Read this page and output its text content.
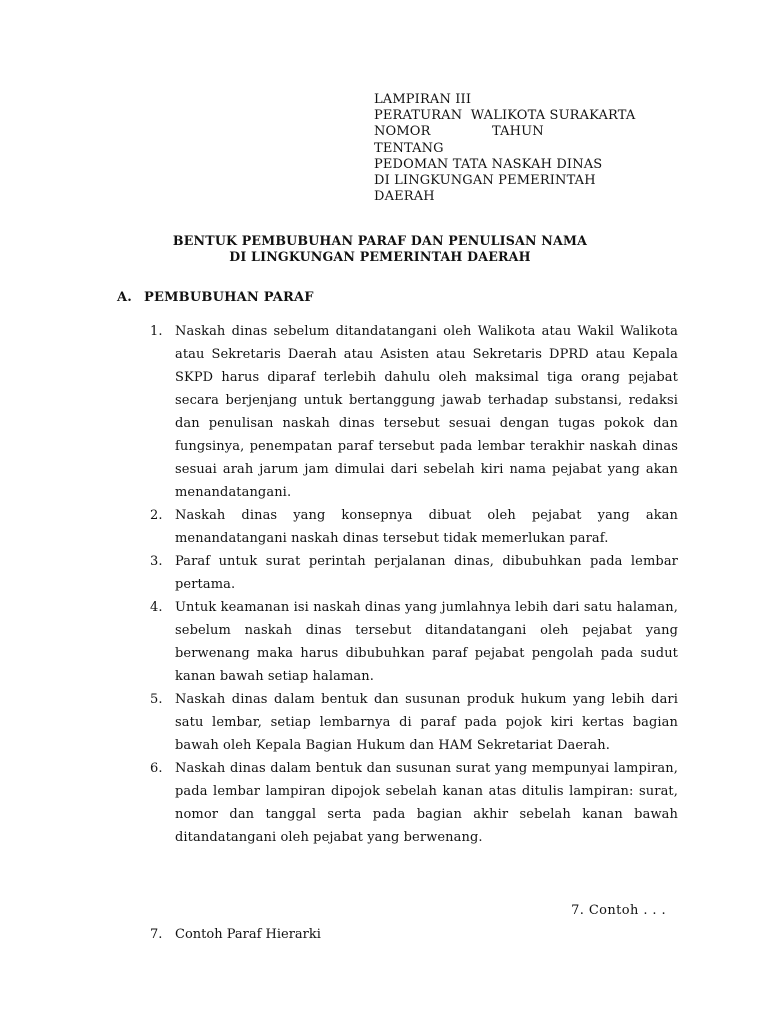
LAMPIRAN III
PERATURAN  WALIKOTA SURAKARTA
NOMOR	TAHUN
TENTANG
PEDOMAN TATA NASKAH DINAS
DI LINGKUNGAN PEMERINTAH
DAERAH
BENTUK PEMBUBUHAN PARAF DAN PENULISAN NAMA
DI LINGKUNGAN PEMERINTAH DAERAH
A. PEMBUBUHAN PARAF
1. Naskah dinas sebelum ditandatangani oleh Walikota atau Wakil Walikota atau Sekretaris Daerah atau Asisten atau Sekretaris DPRD atau Kepala SKPD harus diparaf terlebih dahulu oleh maksimal tiga orang pejabat secara berjenjang untuk bertanggung jawab terhadap substansi, redaksi dan penulisan naskah dinas tersebut sesuai dengan tugas pokok dan fungsinya, penempatan paraf tersebut pada lembar terakhir naskah dinas sesuai arah jarum jam dimulai dari sebelah kiri nama pejabat yang akan menandatangani.
2. Naskah dinas yang konsepnya dibuat oleh pejabat yang akan menandatangani naskah dinas tersebut tidak memerlukan paraf.
3. Paraf untuk surat perintah perjalanan dinas, dibubuhkan pada lembar pertama.
4. Untuk keamanan isi naskah dinas yang jumlahnya lebih dari satu halaman, sebelum naskah dinas tersebut ditandatangani oleh pejabat yang berwenang maka harus dibubuhkan paraf pejabat pengolah pada sudut kanan bawah setiap halaman.
5. Naskah dinas dalam bentuk dan susunan produk hukum yang lebih dari satu lembar, setiap lembarnya di paraf pada pojok kiri kertas bagian bawah oleh Kepala Bagian Hukum dan HAM Sekretariat Daerah.
6. Naskah dinas dalam bentuk dan susunan surat yang mempunyai lampiran, pada lembar lampiran dipojok sebelah kanan atas ditulis lampiran: surat, nomor dan tanggal serta pada bagian akhir sebelah kanan bawah ditandatangani oleh pejabat yang berwenang.
7. Contoh . . .
7. Contoh Paraf Hierarki
